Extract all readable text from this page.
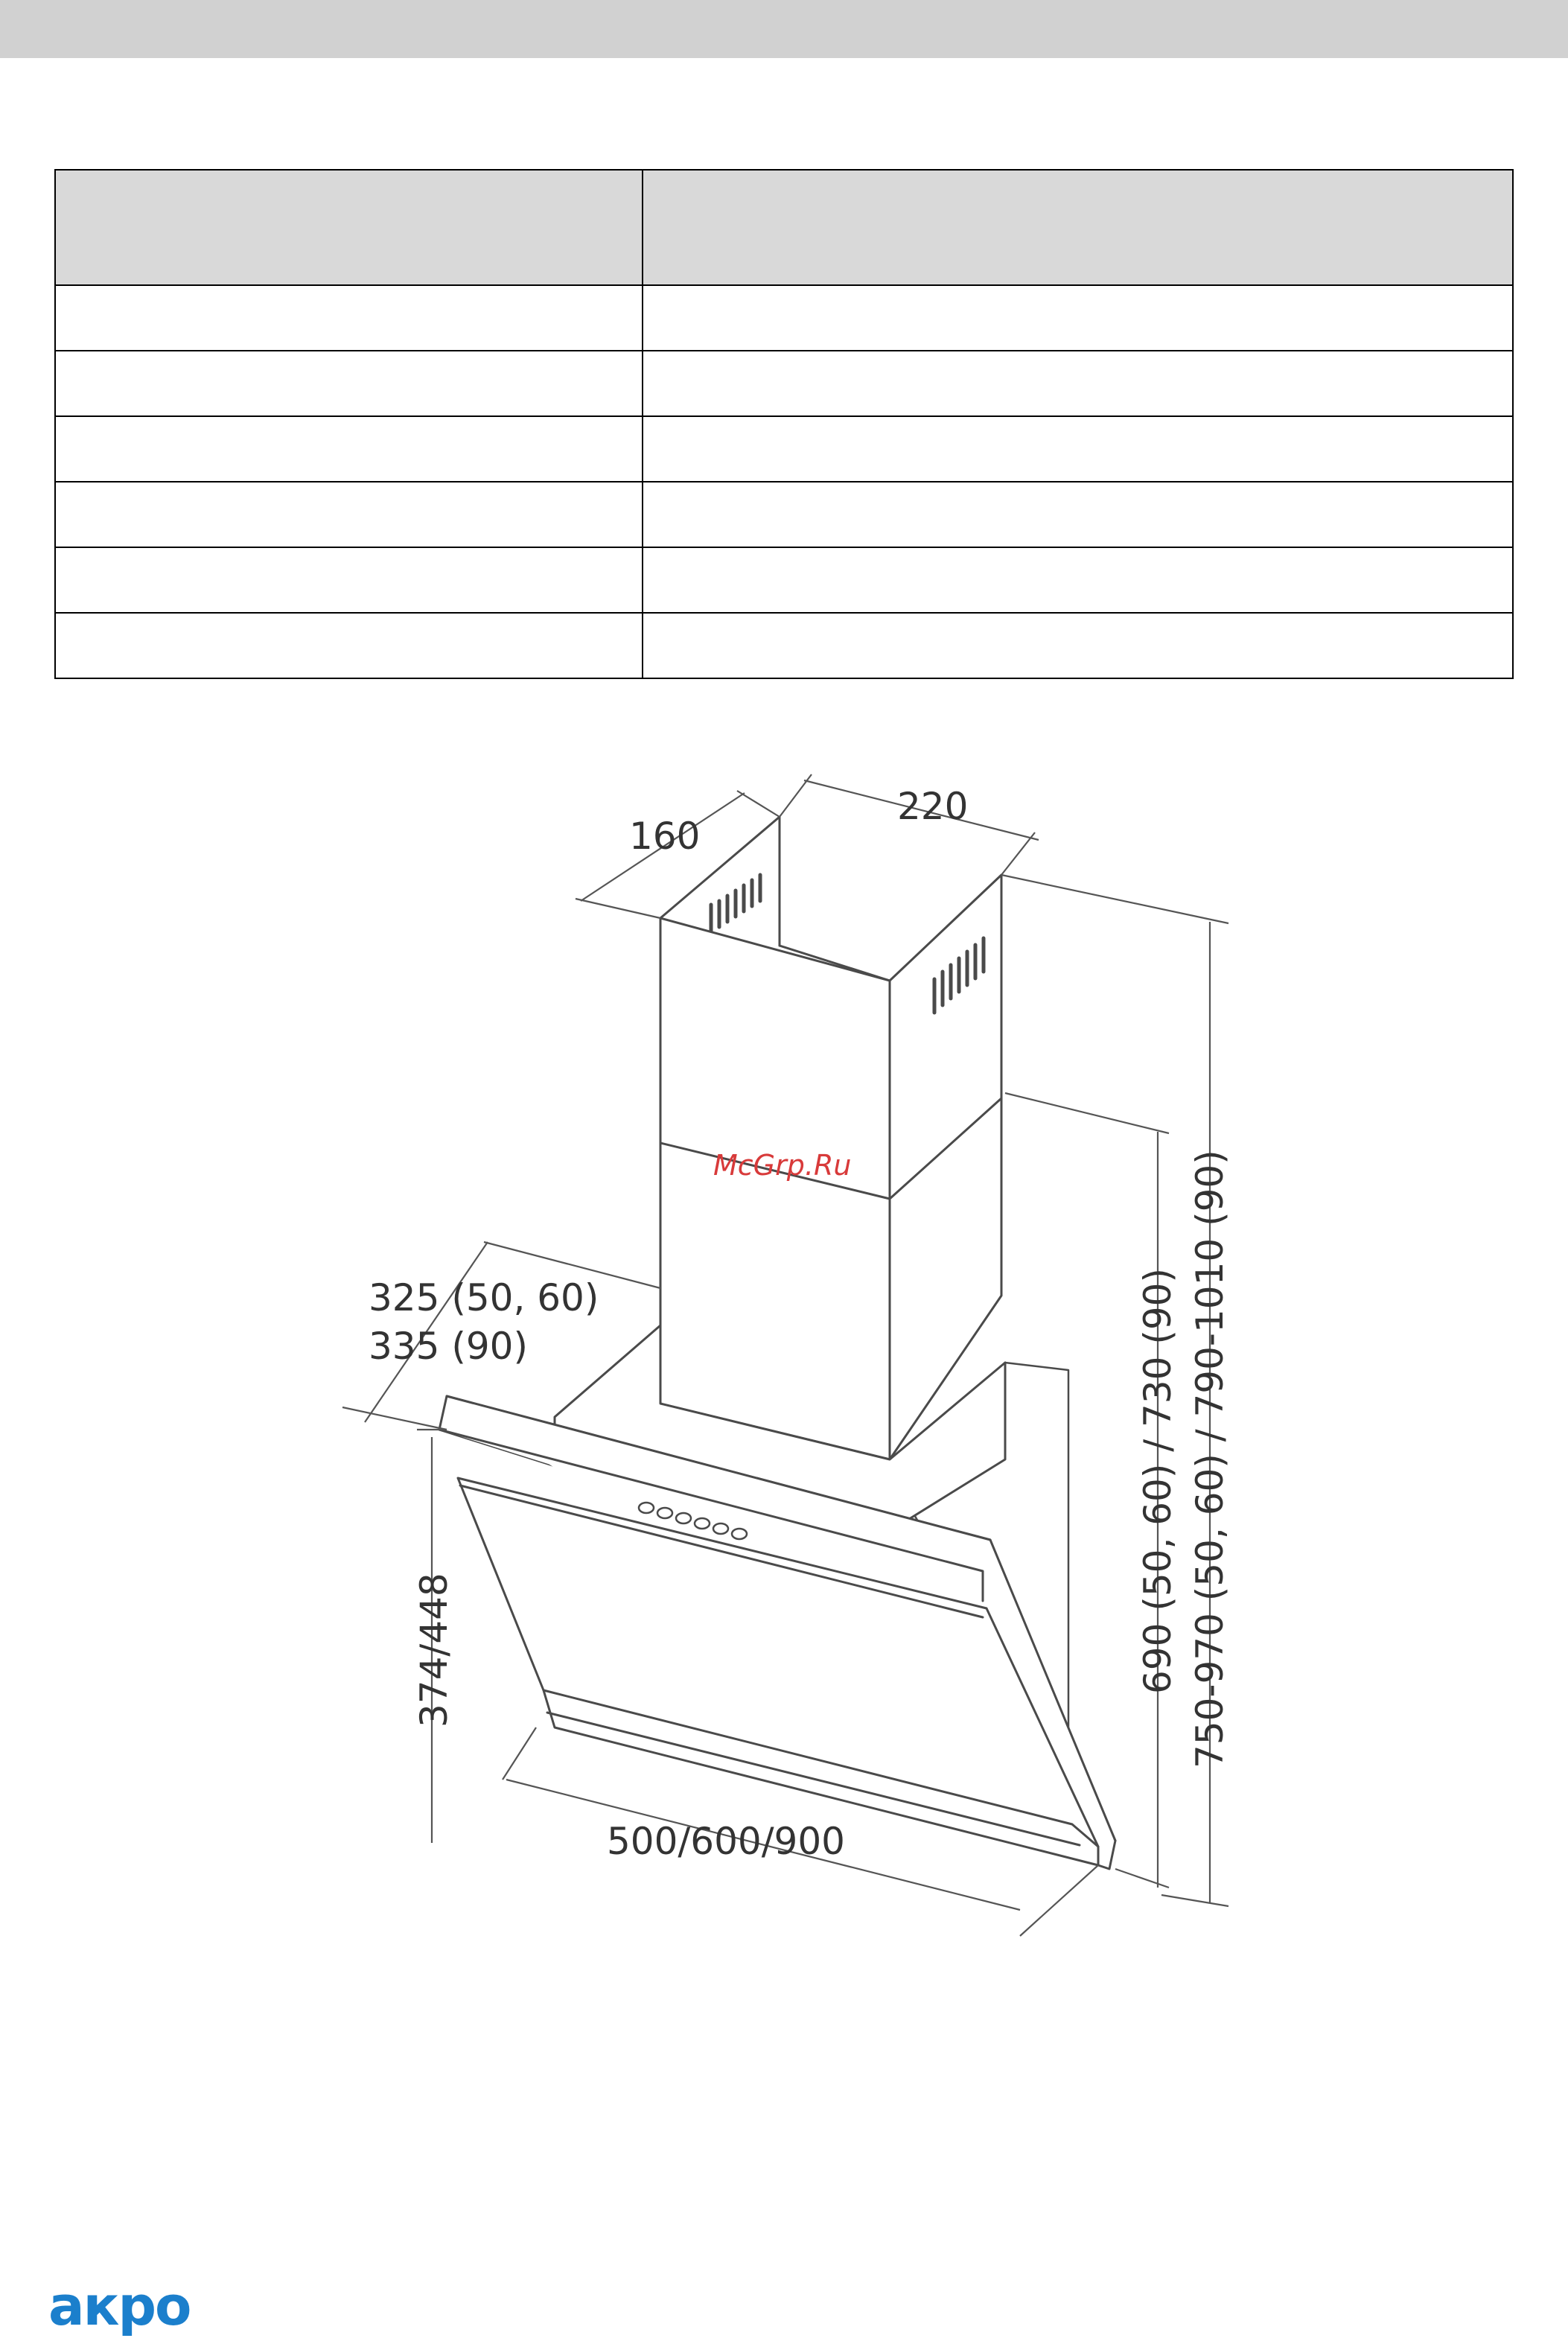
160
220
325 (50, 60)
335 (90)
374/448
500/600/900
690 (50, 60) / 730 (90) 750-970 (50, 60) / 790-1010 (90)
McGrp.Ru
акро
